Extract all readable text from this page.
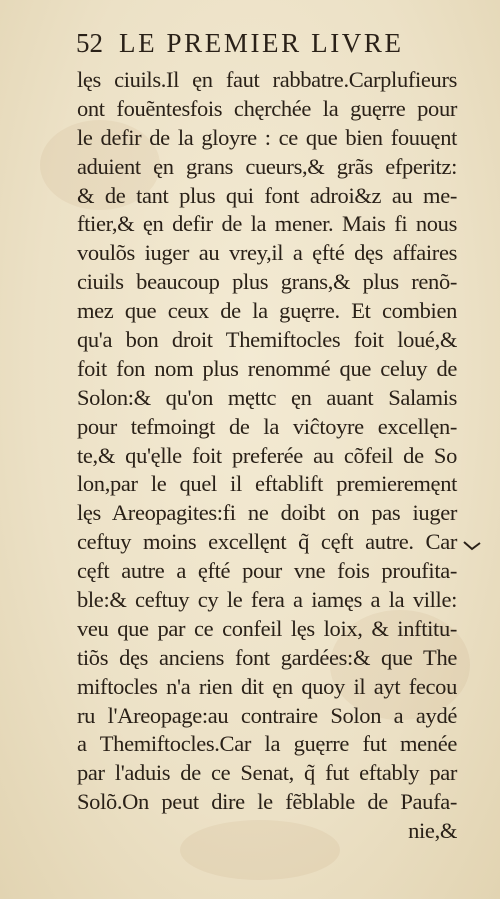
52 LE PREMIER LIVRE
lęs ciuils.Il ęn faut rabbatre.Carplufieurs
ont fouẽntesfois chęrchée la guęrre pour
le defir de la gloyre : ce que bien fouuęnt
aduient ęn grans cueurs,& grãs efperitz:
& de tant plus qui font adroi&z au me-
ftier,& ęn defir de la mener. Mais fi nous
voulõs iuger au vrey,il a ęfté dęs affaires
ciuils beaucoup plus grans,& plus renõ-
mez que ceux de la guęrre. Et combien
qu'a bon droit Themiftocles foit loué,&
foit fon nom plus renommé que celuy de
Solon:& qu'on męttc ęn auant Salamis
pour tefmoingt de la viĉtoyre excellęn-
te,& qu'ęlle foit preferée au cõfeil de So
lon,par le quel il eftablift premieremęnt
lęs Areopagites:fi ne doibt on pas iuger
ceftuy moins excellęnt q̃ cęft autre. Car
cęft autre a ęfté pour vne fois proufita-
ble:& ceftuy cy le fera a iamęs a la ville:
veu que par ce confeil lęs loix, & inftitu-
tiõs dęs anciens font gardées:& que The
miftocles n'a rien dit ęn quoy il ayt fecou
ru l'Areopage:au contraire Solon a aydé
a Themiftocles.Car la guęrre fut menée
par l'aduis de ce Senat, q̃ fut eftably par
Solõ.On peut dire le fẽblable de Paufa-
nie,&
